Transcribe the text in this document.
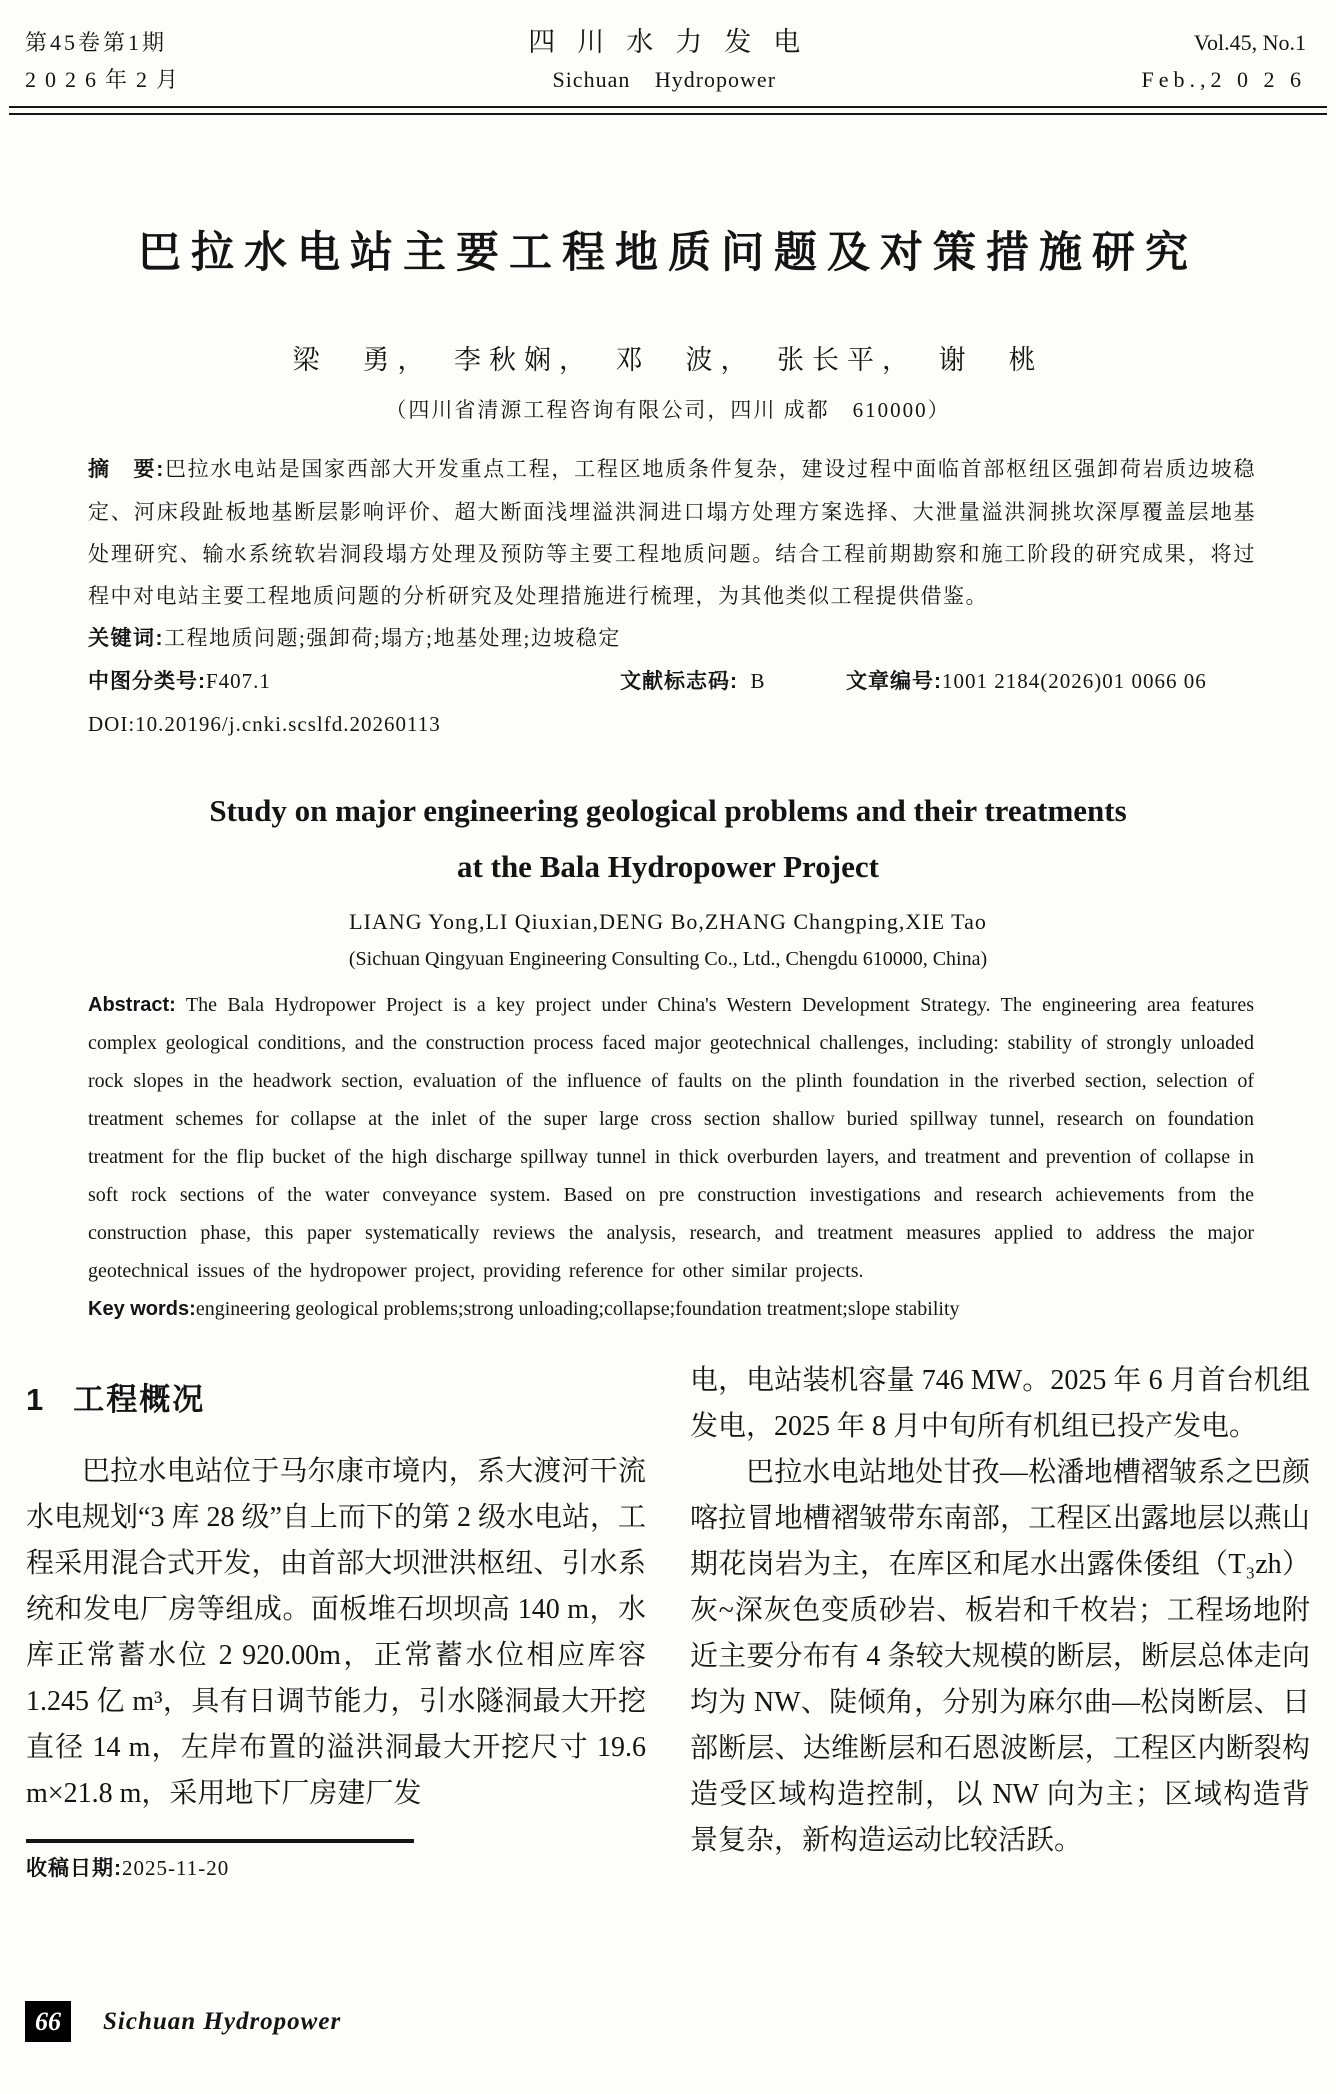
第45卷第1期
2026年2月
四川水力发电
Sichuan Hydropower
Vol.45, No.1
Feb.,2 0 2 6
巴拉水电站主要工程地质问题及对策措施研究
梁　勇，　李秋娴，　邓　波，　张长平，　谢　桃
（四川省清源工程咨询有限公司，四川 成都　610000）

摘　要:巴拉水电站是国家西部大开发重点工程，工程区地质条件复杂，建设过程中面临首部枢纽区强卸荷岩质边坡稳定、河床段趾板地基断层影响评价、超大断面浅埋溢洪洞进口塌方处理方案选择、大泄量溢洪洞挑坎深厚覆盖层地基处理研究、输水系统软岩洞段塌方处理及预防等主要工程地质问题。结合工程前期勘察和施工阶段的研究成果，将过程中对电站主要工程地质问题的分析研究及处理措施进行梳理，为其他类似工程提供借鉴。

关键词:工程地质问题;强卸荷;塌方;地基处理;边坡稳定

中图分类号:F407.1	文献标志码: B	文章编号:1001 2184(2026)01 0066 06
DOI:10.20196/j.cnki.scslfd.20260113
Study on major engineering geological problems and their treatments
at the Bala Hydropower Project
LIANG Yong,LI Qiuxian,DENG Bo,ZHANG Changping,XIE Tao
(Sichuan Qingyuan Engineering Consulting Co., Ltd., Chengdu 610000, China)

Abstract: The Bala Hydropower Project is a key project under China's Western Development Strategy. The engineering area features complex geological conditions, and the construction process faced major geotechnical challenges, including: stability of strongly unloaded rock slopes in the headwork section, evaluation of the influence of faults on the plinth foundation in the riverbed section, selection of treatment schemes for collapse at the inlet of the super large cross section shallow buried spillway tunnel, research on foundation treatment for the flip bucket of the high discharge spillway tunnel in thick overburden layers, and treatment and prevention of collapse in soft rock sections of the water conveyance system. Based on pre construction investigations and research achievements from the construction phase, this paper systematically reviews the analysis, research, and treatment measures applied to address the major geotechnical issues of the hydropower project, providing reference for other similar projects.

Key words:engineering geological problems;strong unloading;collapse;foundation treatment;slope stability

1 工程概况

巴拉水电站位于马尔康市境内，系大渡河干流水电规划“3 库 28 级”自上而下的第 2 级水电站，工程采用混合式开发，由首部大坝泄洪枢纽、引水系统和发电厂房等组成。面板堆石坝坝高 140 m，水库正常蓄水位 2 920.00m，正常蓄水位相应库容 1.245 亿 m³，具有日调节能力，引水隧洞最大开挖直径 14 m，左岸布置的溢洪洞最大开挖尺寸 19.6 m×21.8 m，采用地下厂房建厂发

收稿日期:2025-11-20

电，电站装机容量 746 MW。2025 年 6 月首台机组发电，2025 年 8 月中旬所有机组已投产发电。

巴拉水电站地处甘孜—松潘地槽褶皱系之巴颜喀拉冒地槽褶皱带东南部，工程区出露地层以燕山期花岗岩为主，在库区和尾水出露侏倭组（T₃zh）灰~深灰色变质砂岩、板岩和千枚岩；工程场地附近主要分布有 4 条较大规模的断层，断层总体走向均为 NW、陡倾角，分别为麻尔曲—松岗断层、日部断层、达维断层和石恩波断层，工程区内断裂构造受区域构造控制，以 NW 向为主；区域构造背景复杂，新构造运动比较活跃。

66	Sichuan Hydropower
